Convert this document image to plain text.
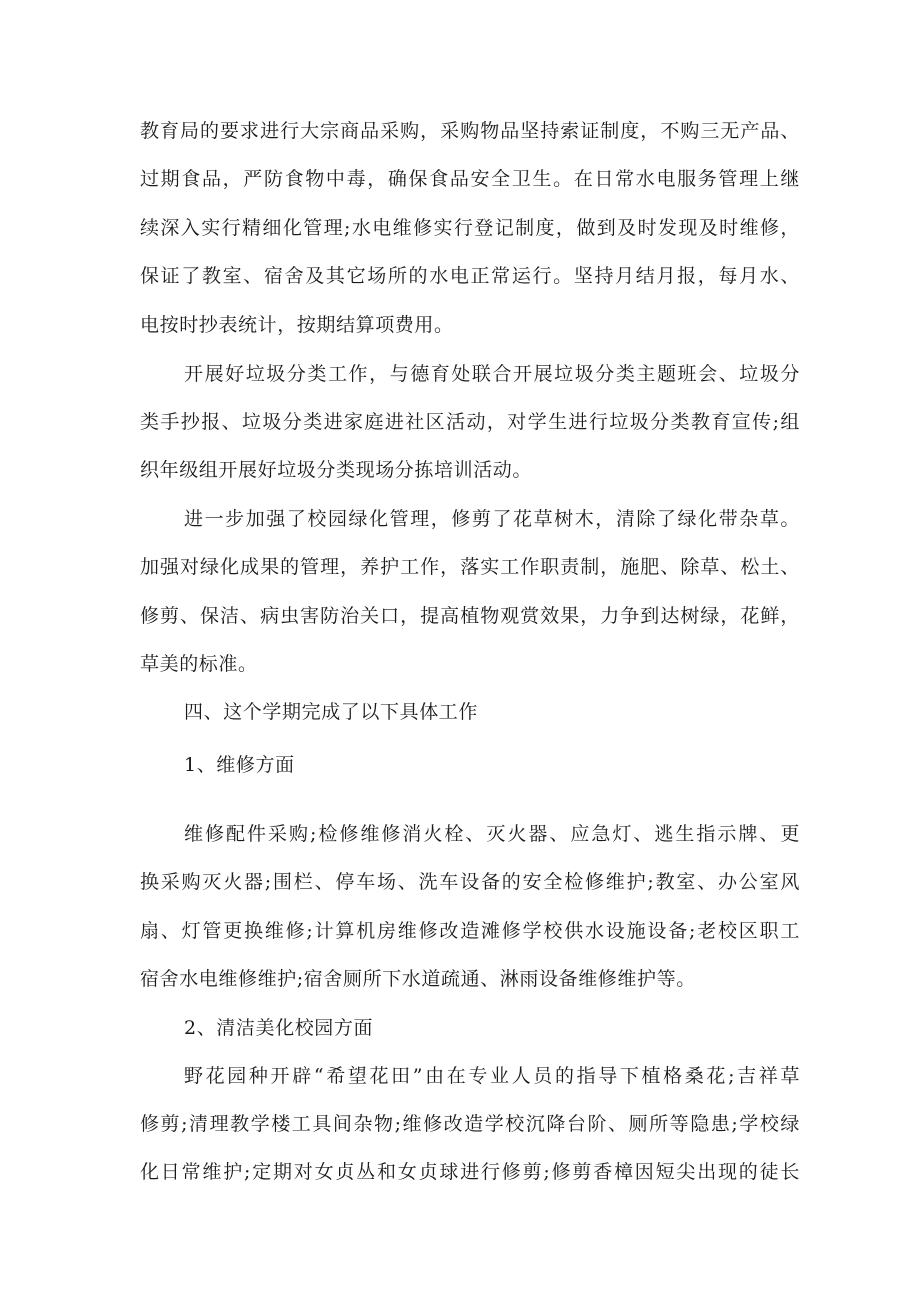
教育局的要求进行大宗商品采购，采购物品坚持索证制度，不购三无产品、
过期食品，严防食物中毒，确保食品安全卫生。在日常水电服务管理上继
续深入实行精细化管理;水电维修实行登记制度，做到及时发现及时维修，
保证了教室、宿舍及其它场所的水电正常运行。坚持月结月报，每月水、
电按时抄表统计，按期结算项费用。
开展好垃圾分类工作，与德育处联合开展垃圾分类主题班会、垃圾分
类手抄报、垃圾分类进家庭进社区活动，对学生进行垃圾分类教育宣传;组
织年级组开展好垃圾分类现场分拣培训活动。
进一步加强了校园绿化管理，修剪了花草树木，清除了绿化带杂草。
加强对绿化成果的管理，养护工作，落实工作职责制，施肥、除草、松土、
修剪、保洁、病虫害防治关口，提高植物观赏效果，力争到达树绿，花鲜，
草美的标准。
四、这个学期完成了以下具体工作
1、维修方面
维修配件采购;检修维修消火栓、灭火器、应急灯、逃生指示牌、更
换采购灭火器;围栏、停车场、洗车设备的安全检修维护;教室、办公室风
扇、灯管更换维修;计算机房维修改造滩修学校供水设施设备;老校区职工
宿舍水电维修维护;宿舍厕所下水道疏通、淋雨设备维修维护等。
2、清洁美化校园方面
野花园种开辟“希望花田”由在专业人员的指导下植格桑花;吉祥草
修剪;清理教学楼工具间杂物;维修改造学校沉降台阶、厕所等隐患;学校绿
化日常维护;定期对女贞丛和女贞球进行修剪;修剪香樟因短尖出现的徒长
